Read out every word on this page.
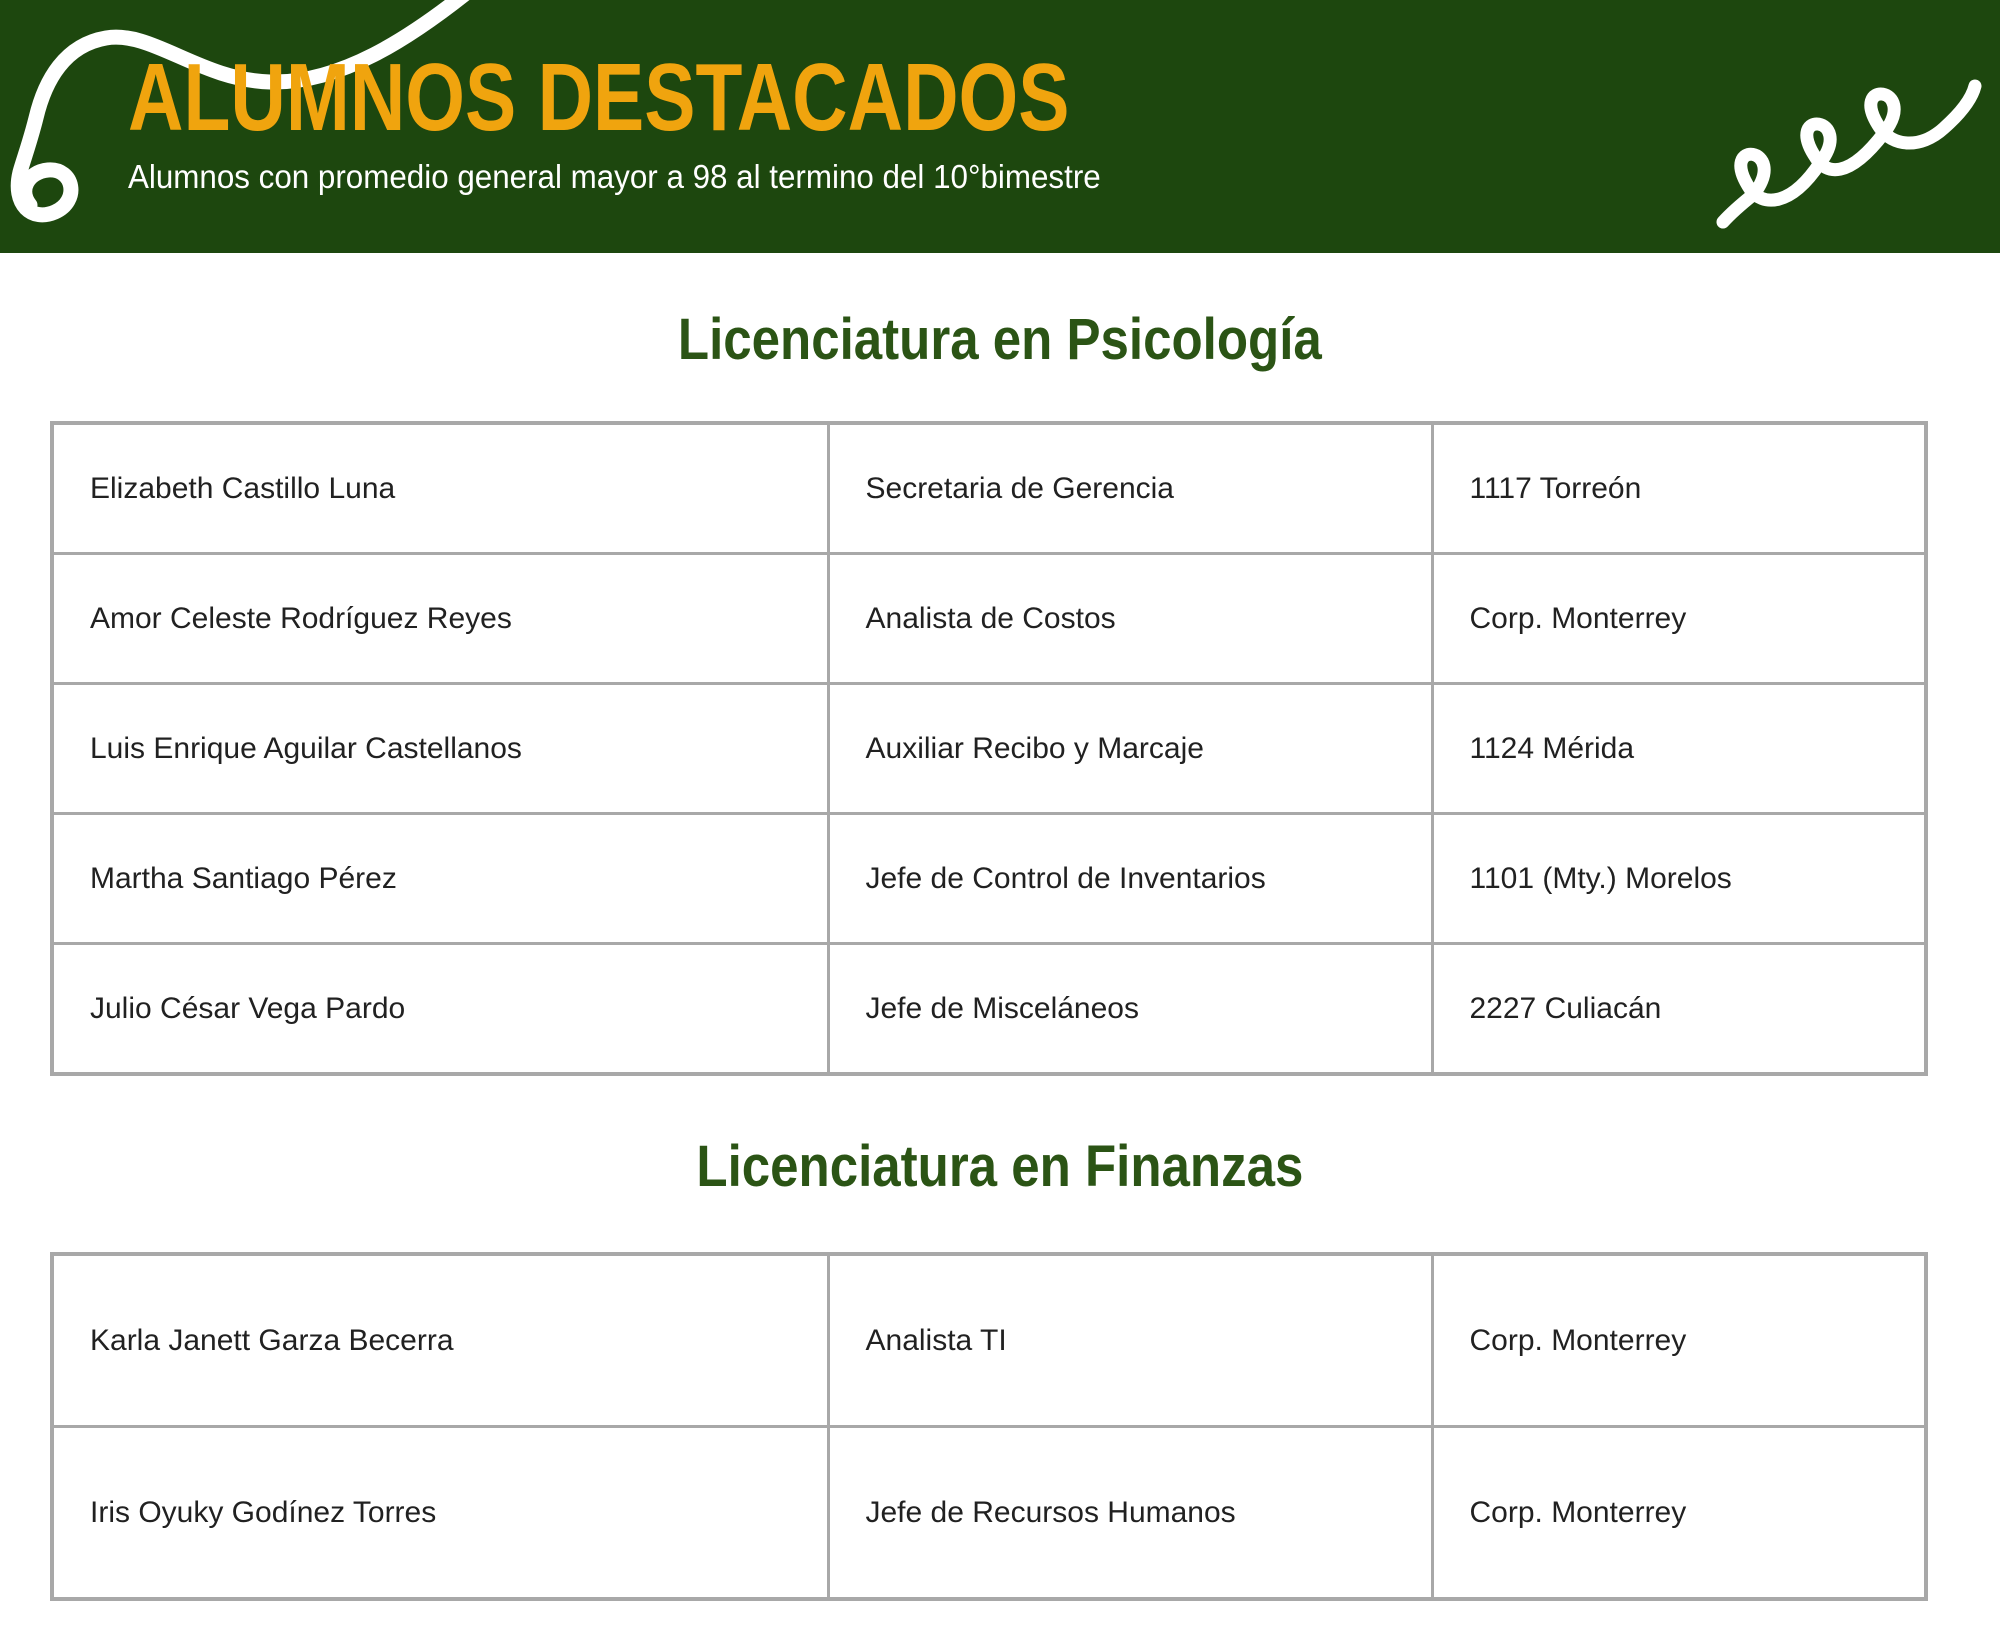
ALUMNOS DESTACADOS
Alumnos con promedio general mayor a 98 al termino del 10°bimestre
Licenciatura en Psicología
Elizabeth Castillo Luna	Secretaria de Gerencia	1117 Torreón
Amor Celeste Rodríguez Reyes	Analista de Costos	Corp. Monterrey
Luis Enrique Aguilar Castellanos	Auxiliar Recibo y Marcaje	1124 Mérida
Martha Santiago Pérez	Jefe de Control de Inventarios	1101 (Mty.) Morelos
Julio César Vega Pardo	Jefe de Misceláneos	2227 Culiacán
Licenciatura en Finanzas
Karla Janett Garza Becerra	Analista TI	Corp. Monterrey
Iris Oyuky Godínez Torres	Jefe de Recursos Humanos	Corp. Monterrey
